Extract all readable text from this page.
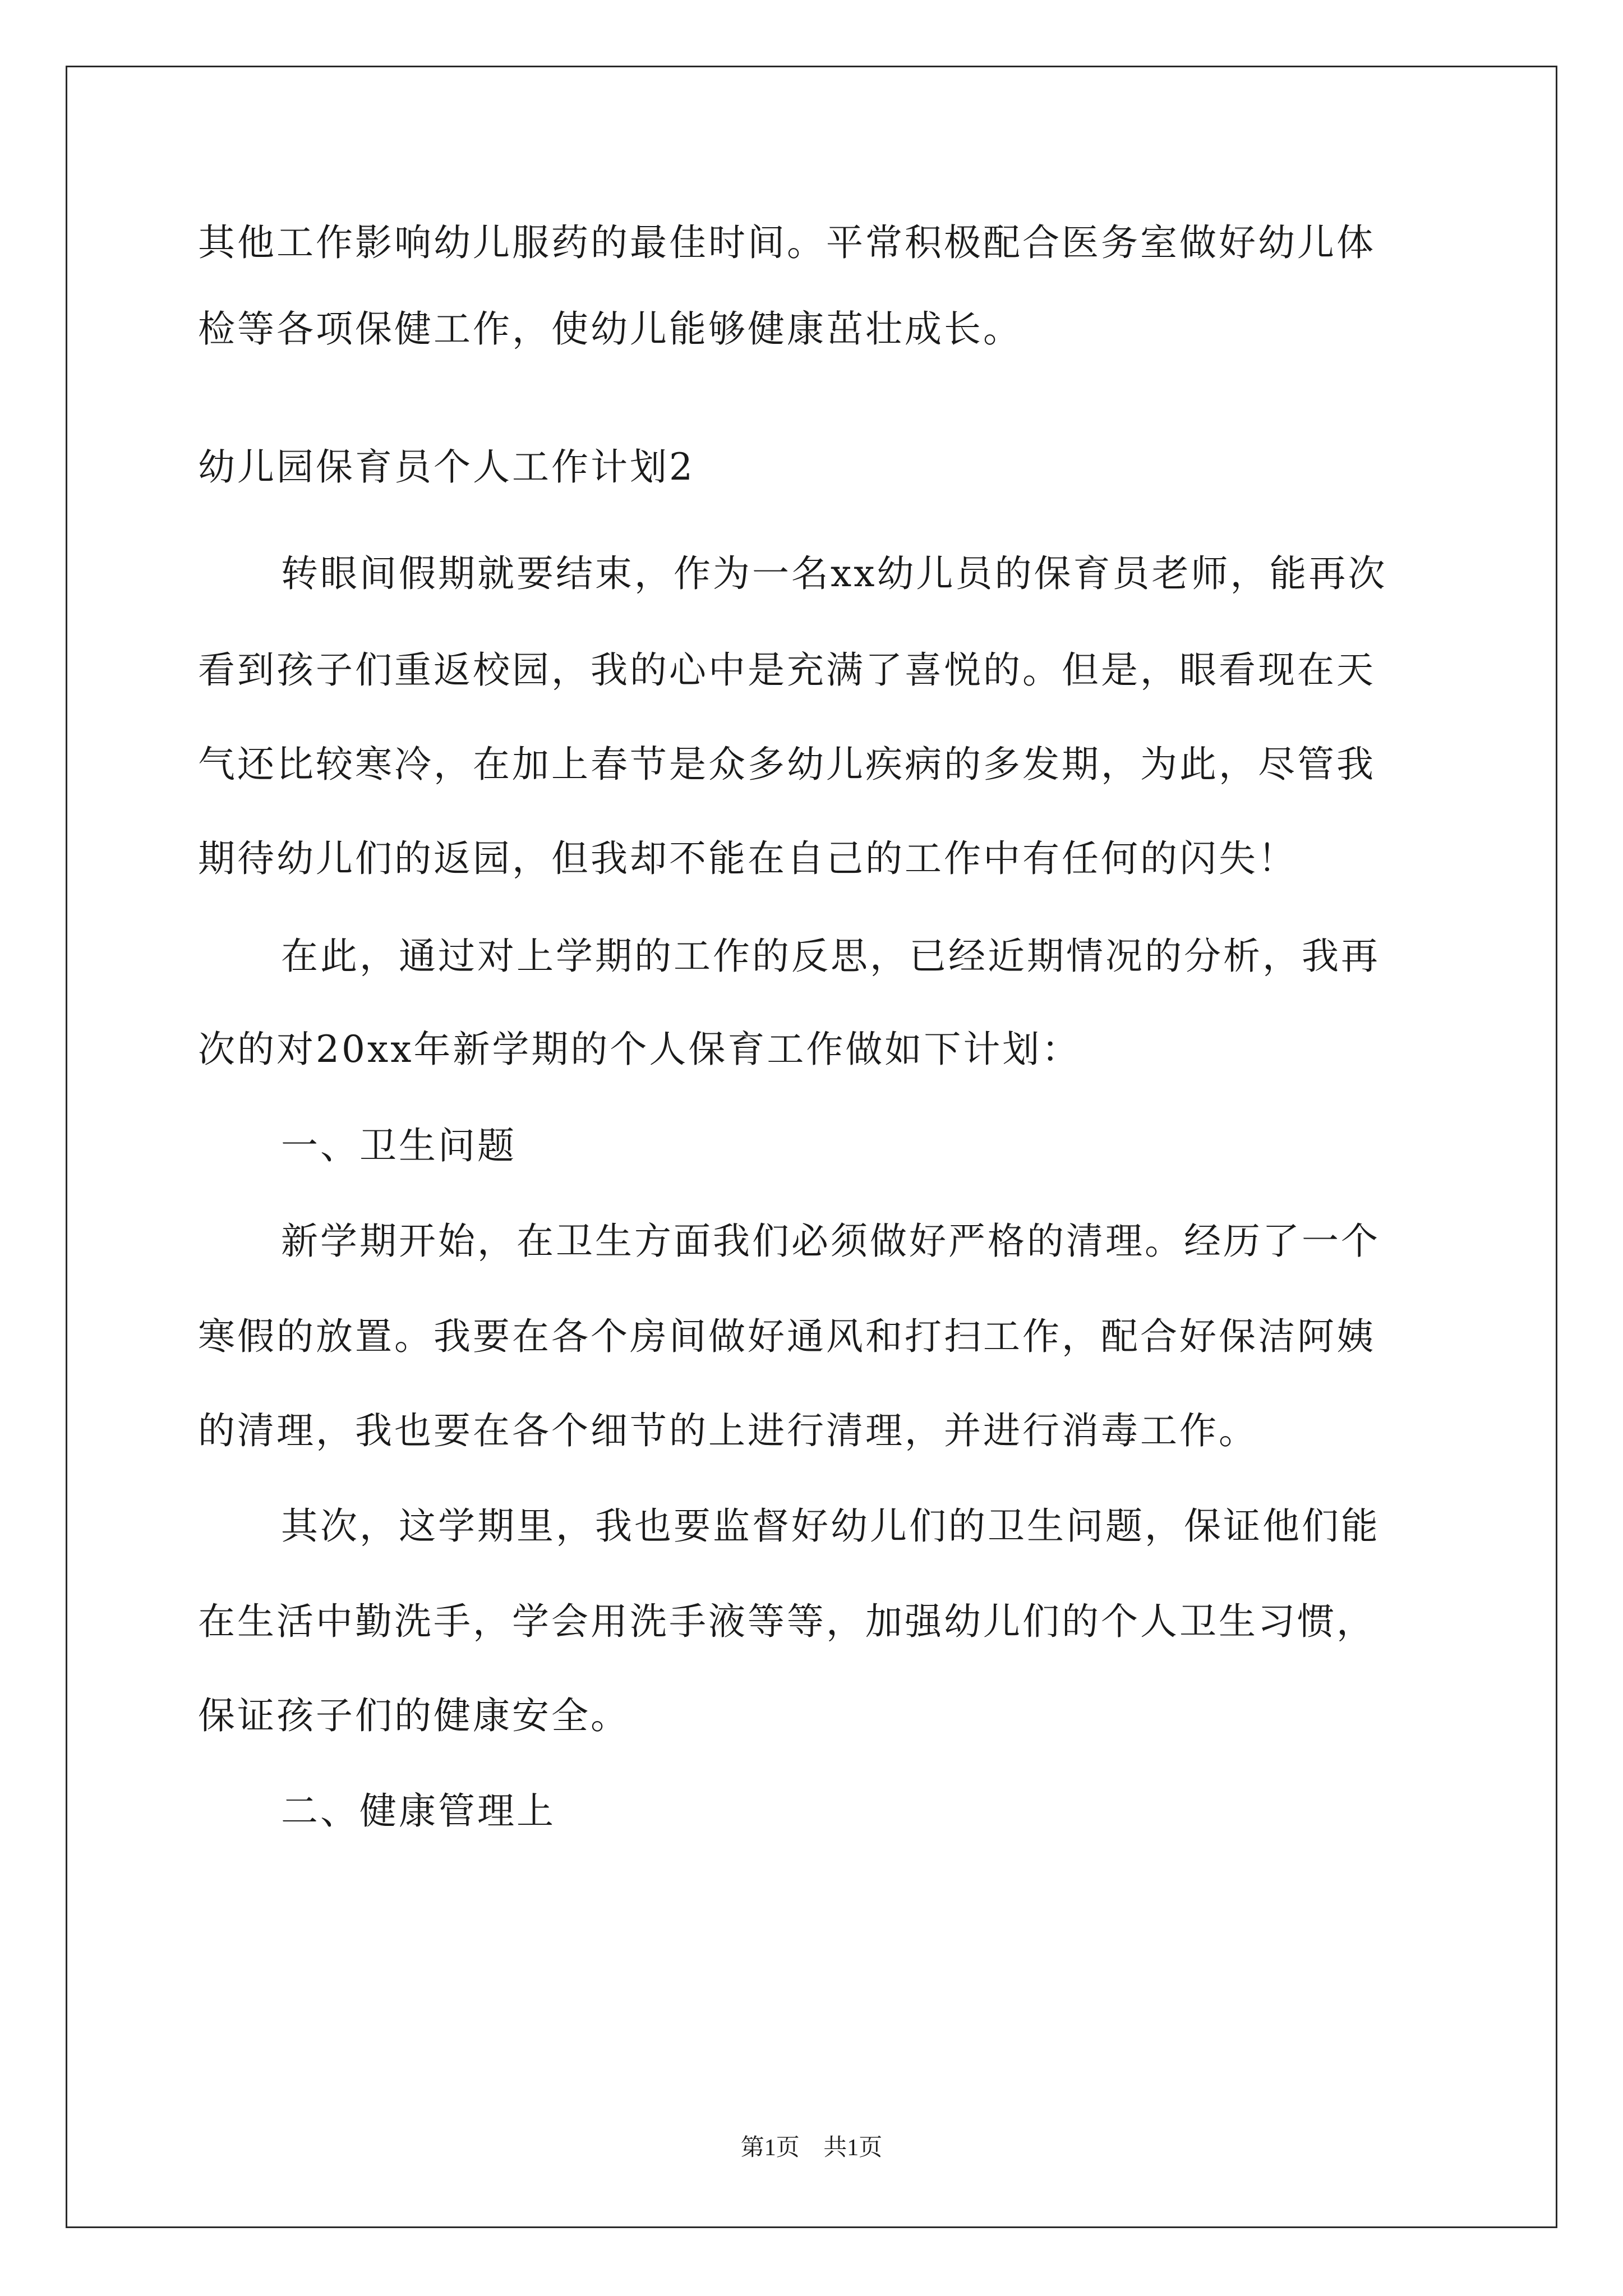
其他工作影响幼儿服药的最佳时间。平常积极配合医务室做好幼儿体
检等各项保健工作，使幼儿能够健康茁壮成长。
幼儿园保育员个人工作计划2
转眼间假期就要结束，作为一名xx幼儿员的保育员老师，能再次
看到孩子们重返校园，我的心中是充满了喜悦的。但是，眼看现在天
气还比较寒冷，在加上春节是众多幼儿疾病的多发期，为此，尽管我
期待幼儿们的返园，但我却不能在自己的工作中有任何的闪失！
在此，通过对上学期的工作的反思，已经近期情况的分析，我再
次的对20xx年新学期的个人保育工作做如下计划：
一、卫生问题
新学期开始，在卫生方面我们必须做好严格的清理。经历了一个
寒假的放置。我要在各个房间做好通风和打扫工作，配合好保洁阿姨
的清理，我也要在各个细节的上进行清理，并进行消毒工作。
其次，这学期里，我也要监督好幼儿们的卫生问题，保证他们能
在生活中勤洗手，学会用洗手液等等，加强幼儿们的个人卫生习惯，
保证孩子们的健康安全。
二、健康管理上
第1页 共1页
